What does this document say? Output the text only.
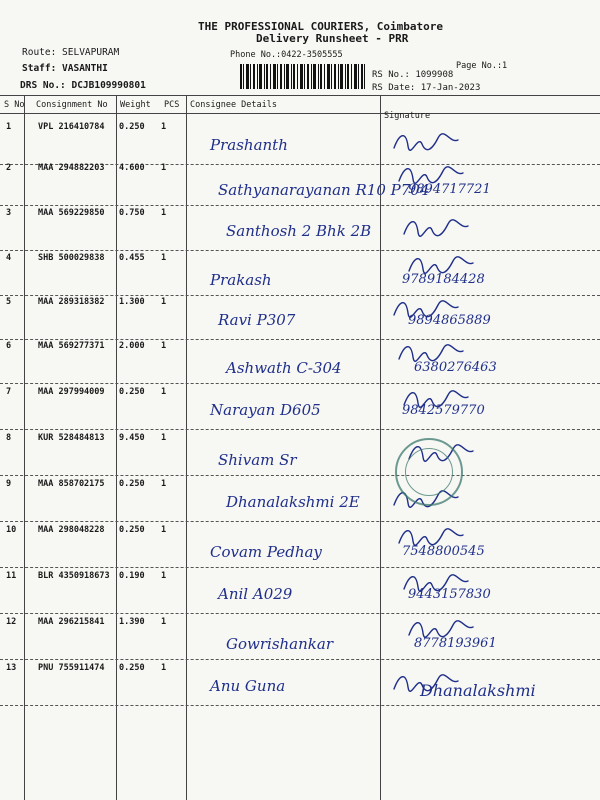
THE PROFESSIONAL COURIERS, Coimbatore
Delivery Runsheet - PRR
Phone No.:0422-3505555
Route: SELVAPURAM
Staff: VASANTHI
DRS No.: DCJB109990801
Page No.:1
RS No.: 1099908
RS Date: 17-Jan-2023
S No Consignment No Weight PCS Consignee Details
Signature
1	VPL 216410784 0.250 1
Prashanth
2	MAA 294882203 4.600 1
Sathyanarayanan R10 P704
9894717721
3	MAA 569229850 0.750 1
Santhosh 2 Bhk 2B
4	SHB 500029838 0.455 1
Prakash	9789184428
5	MAA 289318382 1.300 1
Ravi P307	9894865889
6	MAA 569277371 2.000 1
Ashwath C-304	6380276463
7	MAA 297994009 0.250 1
Narayan D605	9842579770
8	KUR 528484813 9.450 1
Shivam Sr
9	MAA 858702175 0.250 1
Dhanalakshmi 2E
10	MAA 298048228 0.250 1
Covam Pedhay	7548800545
11	BLR 4350918673 0.190 1
Anil A029	9443157830
12	MAA 296215841 1.390 1
Gowrishankar	8778193961
13	PNU 755911474 0.250 1
Anu Guna	Dhanalakshmi
